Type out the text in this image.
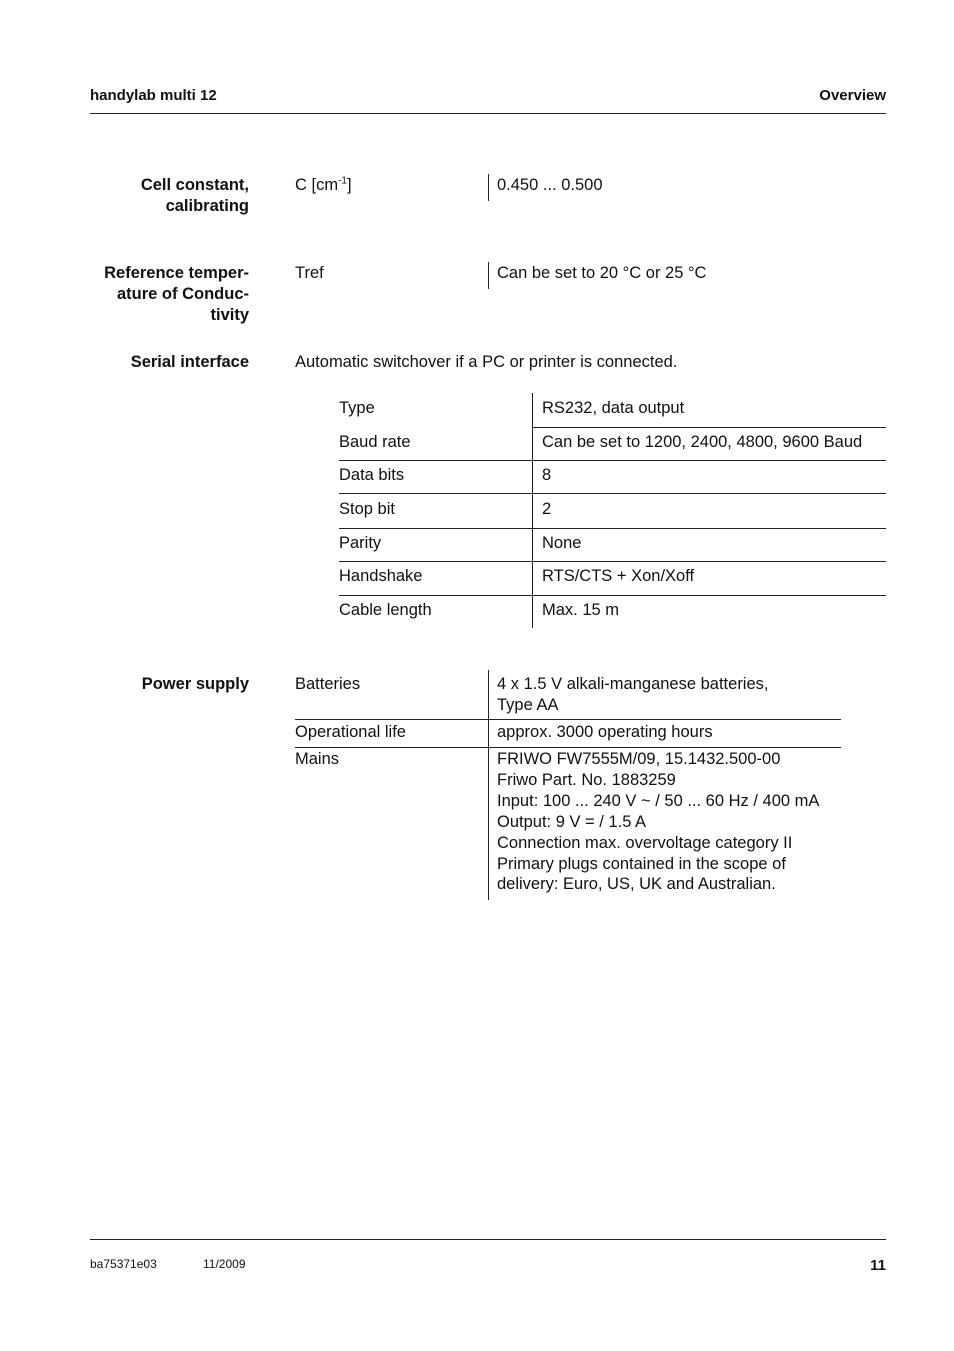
handylab multi 12	Overview
Cell constant,
calibrating
C $[cm^{-1}]$	0.450 ... 0.500
Reference temper-
ature of Conduc-
tivity
Tref	Can be set to 20 °C or 25 °C
Serial interface	Automatic switchover if a PC or printer is connected.
Type	RS232, data output
Baud rate	Can be set to 1200, 2400, 4800, 9600 Baud
Data bits	8
Stop bit	2
Parity	None
Handshake	RTS/CTS + Xon/Xoff
Cable length	Max. 15 m
Power supply	Batteries	4 x 1.5 V alkali-manganese batteries,
Type AA
Operational life	approx. 3000 operating hours
Mains	FRIWO FW7555M/09, 15.1432.500-00
Friwo Part. No. 1883259
Input: 100 ... 240 V ~ / 50 ... 60 Hz / 400 mA
Output: 9 V = / 1.5 A
Connection max. overvoltage category II
Primary plugs contained in the scope of
delivery: Euro, US, UK and Australian.
ba75371e03	11/2009	11
